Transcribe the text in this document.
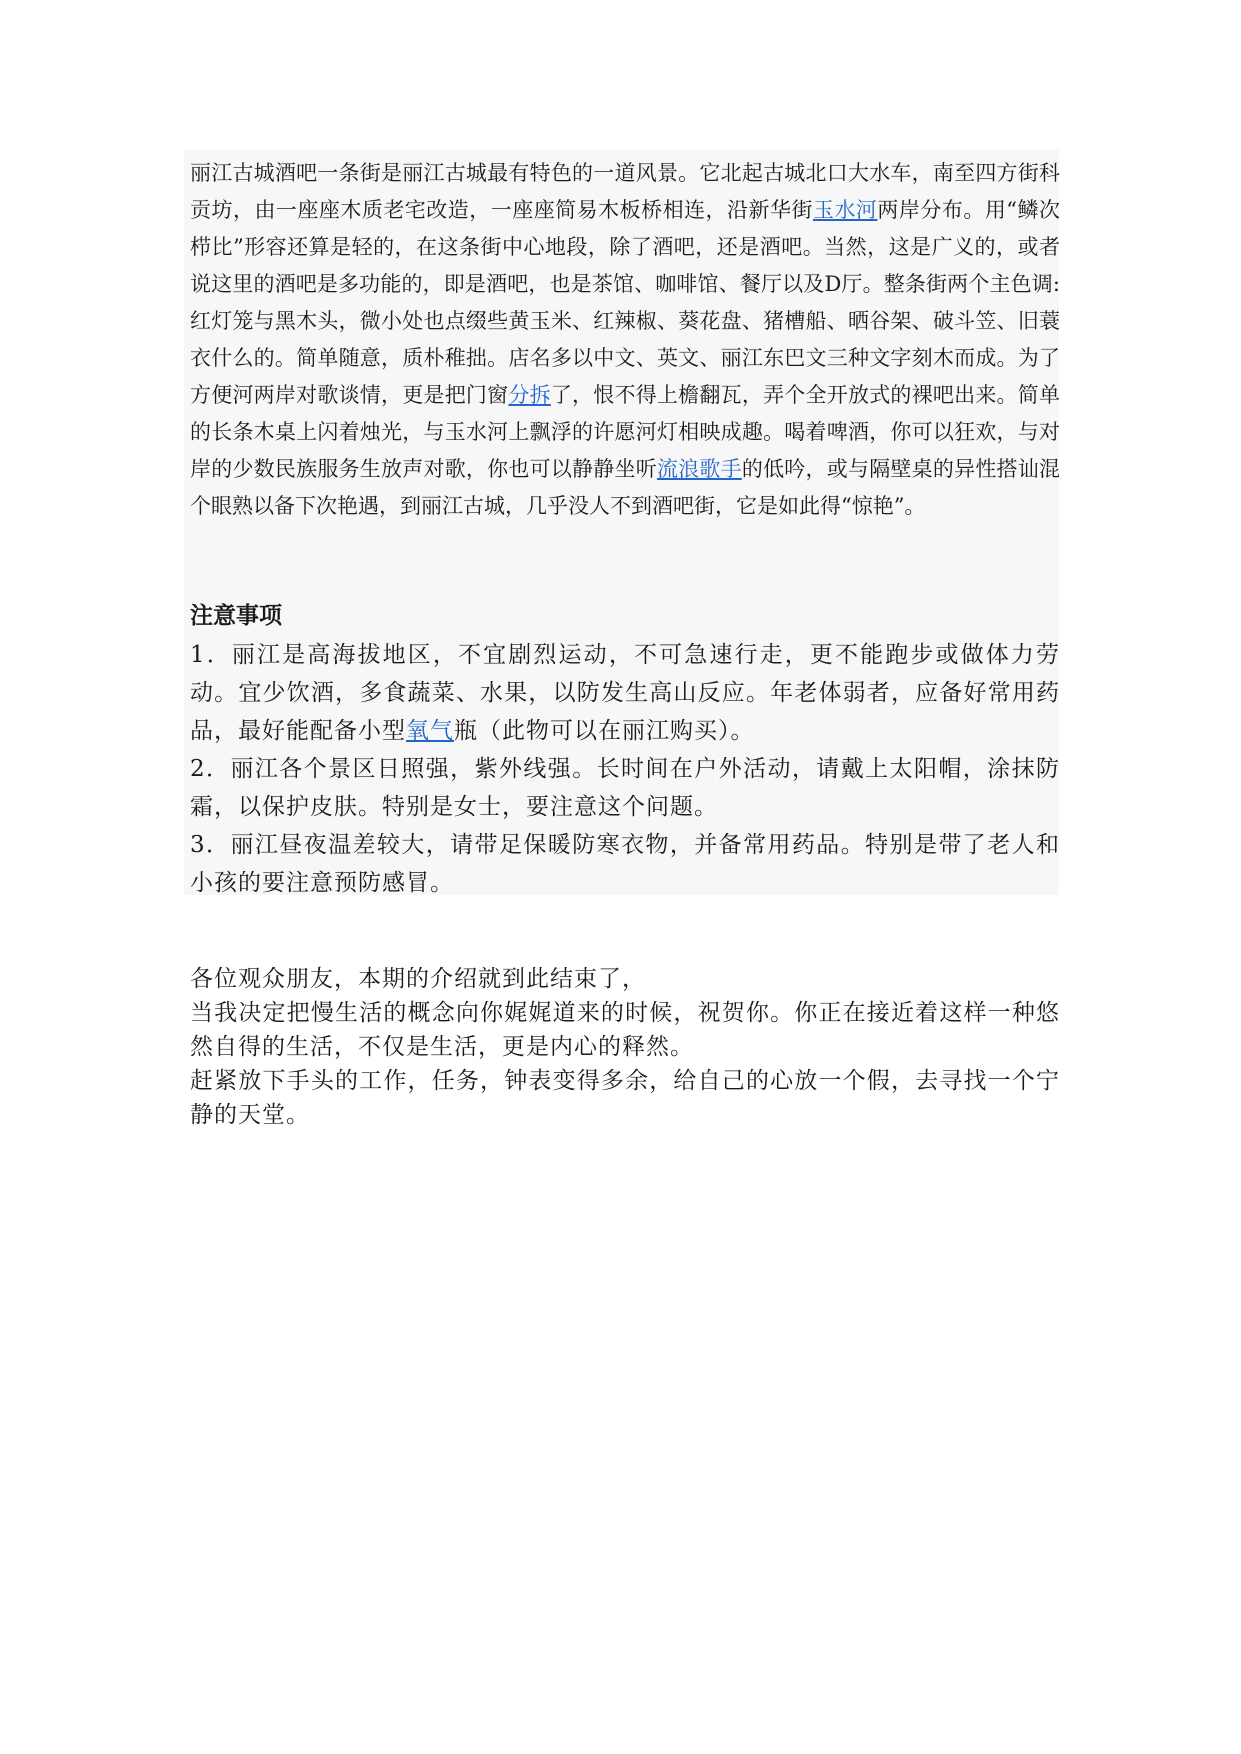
丽江古城酒吧一条街是丽江古城最有特色的一道风景。它北起古城北口大水车，南至四方街科贡坊，由一座座木质老宅改造，一座座简易木板桥相连，沿新华街玉水河两岸分布。用“鳞次栉比”形容还算是轻的，在这条街中心地段，除了酒吧，还是酒吧。当然，这是广义的，或者说这里的酒吧是多功能的，即是酒吧，也是茶馆、咖啡馆、餐厅以及D厅。整条街两个主色调:红灯笼与黑木头，微小处也点缀些黄玉米、红辣椒、葵花盘、猪槽船、晒谷架、破斗笠、旧蓑衣什么的。简单随意，质朴稚拙。店名多以中文、英文、丽江东巴文三种文字刻木而成。为了方便河两岸对歌谈情，更是把门窗分拆了，恨不得上檐翻瓦，弄个全开放式的裸吧出来。简单的长条木桌上闪着烛光，与玉水河上飘浮的许愿河灯相映成趣。喝着啤酒，你可以狂欢，与对岸的少数民族服务生放声对歌，你也可以静静坐听流浪歌手的低吟，或与隔壁桌的异性搭讪混个眼熟以备下次艳遇，到丽江古城，几乎没人不到酒吧街，它是如此得“惊艳”。

注意事项

1．丽江是高海拔地区，不宜剧烈运动，不可急速行走，更不能跑步或做体力劳动。宜少饮酒，多食蔬菜、水果，以防发生高山反应。年老体弱者，应备好常用药品，最好能配备小型氧气瓶（此物可以在丽江购买）。

2．丽江各个景区日照强，紫外线强。长时间在户外活动，请戴上太阳帽，涂抹防霜，以保护皮肤。特别是女士，要注意这个问题。

3．丽江昼夜温差较大，请带足保暖防寒衣物，并备常用药品。特别是带了老人和小孩的要注意预防感冒。

各位观众朋友，本期的介绍就到此结束了，

当我决定把慢生活的概念向你娓娓道来的时候，祝贺你。你正在接近着这样一种悠然自得的生活，不仅是生活，更是内心的释然。

赶紧放下手头的工作，任务，钟表变得多余，给自己的心放一个假，去寻找一个宁静的天堂。
